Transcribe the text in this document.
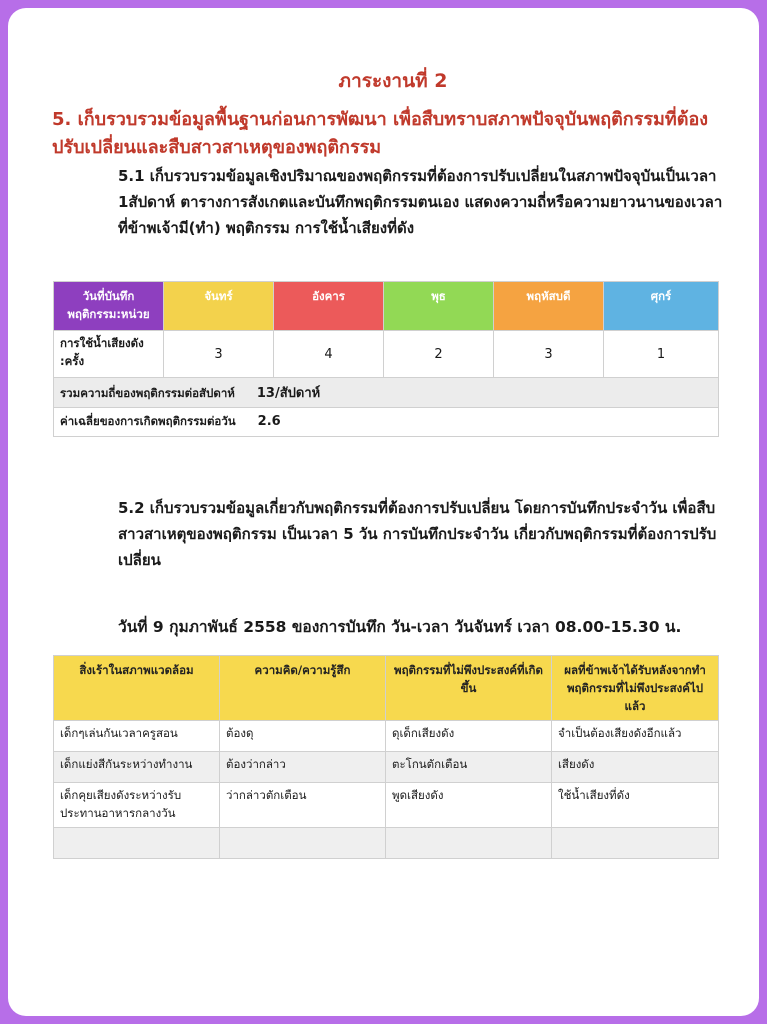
ภาระงานที่ 2
5. เก็บรวบรวมข้อมูลพื้นฐานก่อนการพัฒนา เพื่อสืบทราบสภาพปัจจุบันพฤติกรรมที่ต้องปรับเปลี่ยนและสืบสาวสาเหตุของพฤติกรรม
5.1 เก็บรวบรวมข้อมูลเชิงปริมาณของพฤติกรรมที่ต้องการปรับเปลี่ยนในสภาพปัจจุบันเป็นเวลา 1สัปดาห์ ตารางการสังเกตและบันทึกพฤติกรรมตนเอง แสดงความถี่หรือความยาวนานของเวลาที่ข้าพเจ้ามี(ทำ) พฤติกรรม การใช้น้ำเสียงที่ดัง
วันที่บันทึก พฤติกรรม:หน่วย	จันทร์	อังคาร	พุธ	พฤหัสบดี	ศุกร์
การใช้น้ำเสียงดัง :ครั้ง	3	4	2	3	1
รวมความถี่ของพฤติกรรมต่อสัปดาห์ 13/สัปดาห์					
ค่าเฉลี่ยของการเกิดพฤติกรรมต่อวัน 2.6					
5.2 เก็บรวบรวมข้อมูลเกี่ยวกับพฤติกรรมที่ต้องการปรับเปลี่ยน โดยการบันทึกประจำวัน เพื่อสืบสาวสาเหตุของพฤติกรรม เป็นเวลา 5 วัน การบันทึกประจำวัน เกี่ยวกับพฤติกรรมที่ต้องการปรับเปลี่ยน
วันที่ 9 กุมภาพันธ์ 2558 ของการบันทึก วัน-เวลา วันจันทร์ เวลา 08.00-15.30 น.
สิ่งเร้าในสภาพแวดล้อม	ความคิด/ความรู้สึก	พฤติกรรมที่ไม่พึงประสงค์ที่เกิดขึ้น	ผลที่ข้าพเจ้าได้รับหลังจากทำพฤติกรรมที่ไม่พึงประสงค์ไปแล้ว
เด็กๆเล่นกันเวลาครูสอน	ต้องดุ	ดุเด็กเสียงดัง	จำเป็นต้องเสียงดังอีกแล้ว
เด็กแย่งสีกันระหว่างทำงาน	ต้องว่ากล่าว	ตะโกนตักเตือน	เสียงดัง
เด็กคุยเสียงดังระหว่างรับประทานอาหารกลางวัน	ว่ากล่าวตักเตือน	พูดเสียงดัง	ใช้น้ำเสียงที่ดัง
